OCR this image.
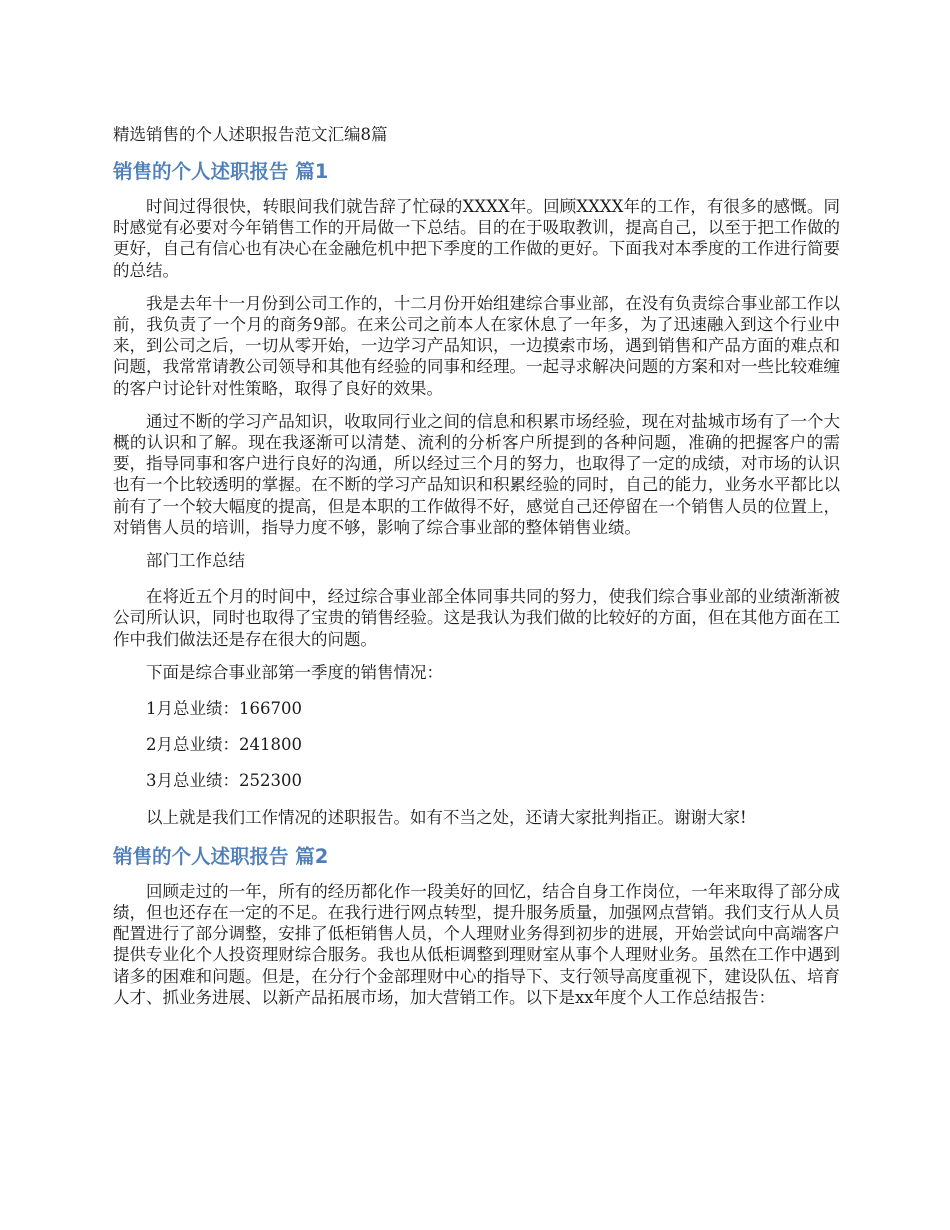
精选销售的个人述职报告范文汇编8篇
销售的个人述职报告 篇1

时间过得很快，转眼间我们就告辞了忙碌的XXXX年。回顾XXXX年的工作，有很多的感慨。同时感觉有必要对今年销售工作的开局做一下总结。目的在于吸取教训，提高自己，以至于把工作做的更好，自己有信心也有决心在金融危机中把下季度的工作做的更好。下面我对本季度的工作进行简要的总结。

我是去年十一月份到公司工作的，十二月份开始组建综合事业部，在没有负责综合事业部工作以前，我负责了一个月的商务9部。在来公司之前本人在家休息了一年多，为了迅速融入到这个行业中来，到公司之后，一切从零开始，一边学习产品知识，一边摸索市场，遇到销售和产品方面的难点和问题，我常常请教公司领导和其他有经验的同事和经理。一起寻求解决问题的方案和对一些比较难缠的客户讨论针对性策略，取得了良好的效果。

通过不断的学习产品知识，收取同行业之间的信息和积累市场经验，现在对盐城市场有了一个大概的认识和了解。现在我逐渐可以清楚、流利的分析客户所提到的各种问题，准确的把握客户的需要，指导同事和客户进行良好的沟通，所以经过三个月的努力，也取得了一定的成绩，对市场的认识也有一个比较透明的掌握。在不断的学习产品知识和积累经验的同时，自己的能力，业务水平都比以前有了一个较大幅度的提高，但是本职的工作做得不好，感觉自己还停留在一个销售人员的位置上，对销售人员的培训，指导力度不够，影响了综合事业部的整体销售业绩。

部门工作总结

在将近五个月的时间中，经过综合事业部全体同事共同的努力，使我们综合事业部的业绩渐渐被公司所认识，同时也取得了宝贵的销售经验。这是我认为我们做的比较好的方面，但在其他方面在工作中我们做法还是存在很大的问题。

下面是综合事业部第一季度的销售情况：

1月总业绩：166700

2月总业绩：241800

3月总业绩：252300

以上就是我们工作情况的述职报告。如有不当之处，还请大家批判指正。谢谢大家!

销售的个人述职报告 篇2

回顾走过的一年，所有的经历都化作一段美好的回忆，结合自身工作岗位，一年来取得了部分成绩，但也还存在一定的不足。在我行进行网点转型，提升服务质量，加强网点营销。我们支行从人员配置进行了部分调整，安排了低柜销售人员，个人理财业务得到初步的进展，开始尝试向中高端客户提供专业化个人投资理财综合服务。我也从低柜调整到理财室从事个人理财业务。虽然在工作中遇到诸多的困难和问题。但是，在分行个金部理财中心的指导下、支行领导高度重视下，建设队伍、培育人才、抓业务进展、以新产品拓展市场，加大营销工作。以下是xx年度个人工作总结报告：
